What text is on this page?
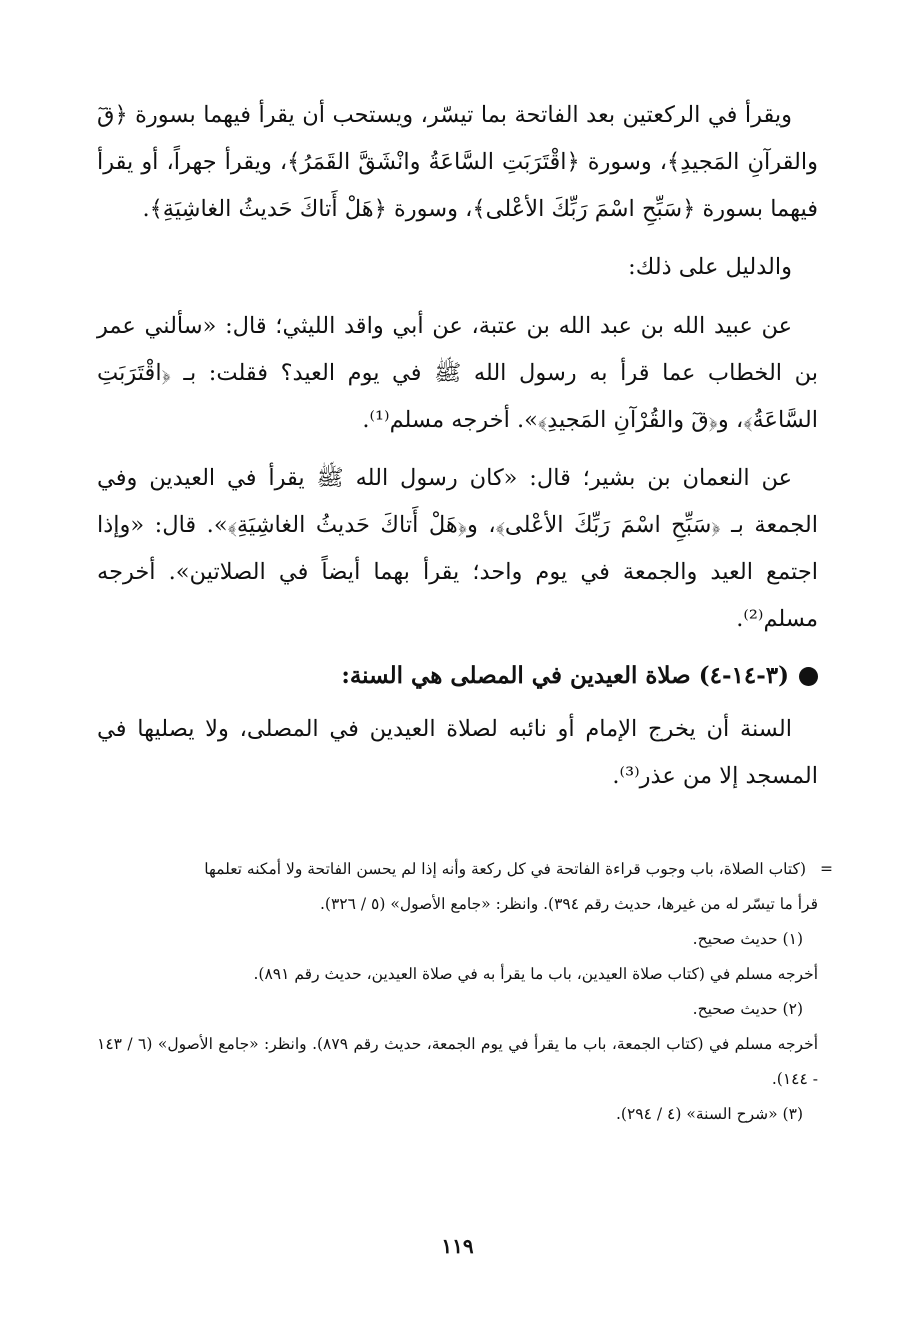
ويقرأ في الركعتين بعد الفاتحة بما تيسّر، ويستحب أن يقرأ فيهما بسورة ﴿قٓ والقرآنِ المَجيدِ﴾، وسورة ﴿اقْتَرَبَتِ السَّاعَةُ وانْشَقَّ القَمَرُ﴾، ويقرأ جهراً، أو يقرأ فيهما بسورة ﴿سَبِّحِ اسْمَ رَبِّكَ الأعْلى﴾، وسورة ﴿هَلْ أَتاكَ حَديثُ الغاشِيَةِ﴾.

والدليل على ذلك:

عن عبيد الله بن عبد الله بن عتبة، عن أبي واقد الليثي؛ قال: «سألني عمر بن الخطاب عما قرأ به رسول الله ﷺ في يوم العيد؟ فقلت: بـ ﴿اقْتَرَبَتِ السَّاعَةُ﴾، و﴿قٓ والقُرْآنِ المَجيدِ﴾». أخرجه مسلم⁽¹⁾.

عن النعمان بن بشير؛ قال: «كان رسول الله ﷺ يقرأ في العيدين وفي الجمعة بـ ﴿سَبِّحِ اسْمَ رَبِّكَ الأعْلى﴾، و﴿هَلْ أَتاكَ حَديثُ الغاشِيَةِ﴾». قال: «وإذا اجتمع العيد والجمعة في يوم واحد؛ يقرأ بهما أيضاً في الصلاتين». أخرجه مسلم⁽²⁾.

(٣-١٤-٤) صلاة العيدين في المصلى هي السنة:

السنة أن يخرج الإمام أو نائبه لصلاة العيدين في المصلى، ولا يصليها في المسجد إلا من عذر⁽³⁾.

=(كتاب الصلاة، باب وجوب قراءة الفاتحة في كل ركعة وأنه إذا لم يحسن الفاتحة ولا أمكنه تعلمها

قرأ ما تيسّر له من غيرها، حديث رقم ٣٩٤). وانظر: «جامع الأصول» (٥ / ٣٢٦).

(١) حديث صحيح.

أخرجه مسلم في (كتاب صلاة العيدين، باب ما يقرأ به في صلاة العيدين، حديث رقم ٨٩١).

(٢) حديث صحيح.

أخرجه مسلم في (كتاب الجمعة، باب ما يقرأ في يوم الجمعة، حديث رقم ٨٧٩). وانظر: «جامع الأصول» (٦ / ١٤٣ - ١٤٤).

(٣) «شرح السنة» (٤ / ٢٩٤).

١١٩
